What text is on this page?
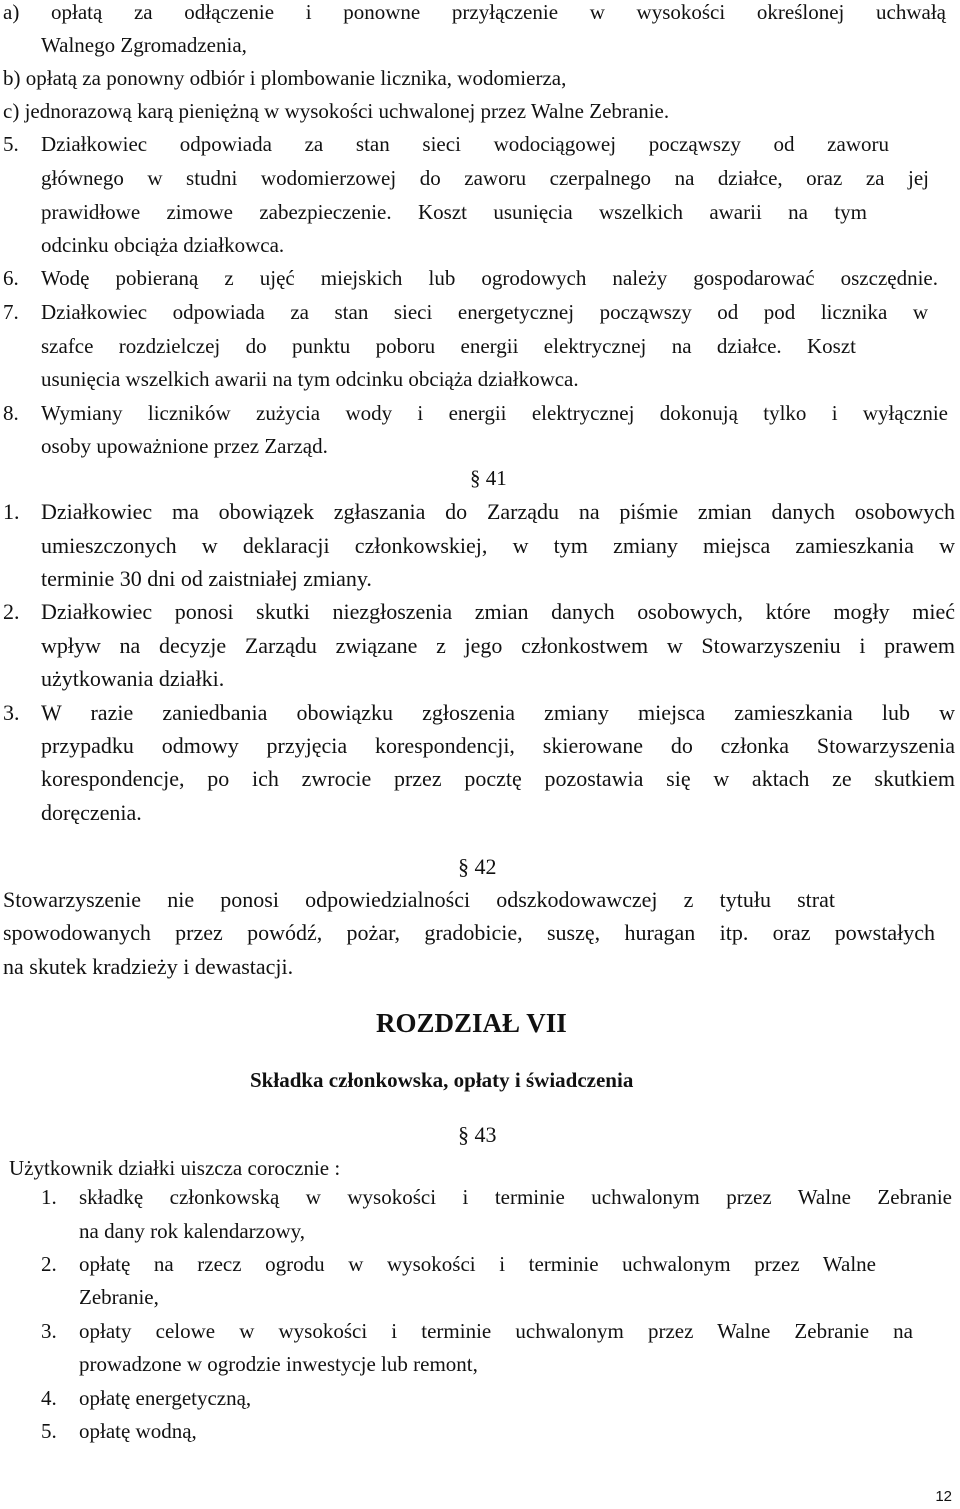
a) opłatą za odłączenie i ponowne przyłączenie w wysokości określonej uchwałą
Walnego Zgromadzenia,
b) opłatą za ponowny odbiór i plombowanie licznika, wodomierza,
c) jednorazową karą pieniężną w wysokości uchwalonej przez Walne Zebranie.
5. Działkowiec odpowiada za stan sieci wodociągowej począwszy od zaworu
głównego w studni wodomierzowej do zaworu czerpalnego na działce, oraz za jej
prawidłowe zimowe zabezpieczenie. Koszt usunięcia wszelkich awarii na tym
odcinku obciąża działkowca.
6. Wodę pobieraną z ujęć miejskich lub ogrodowych należy gospodarować oszczędnie.
7. Działkowiec odpowiada za stan sieci energetycznej począwszy od pod licznika w
szafce rozdzielczej do punktu poboru energii elektrycznej na działce. Koszt
usunięcia wszelkich awarii na tym odcinku obciąża działkowca.
8. Wymiany liczników zużycia wody i energii elektrycznej dokonują tylko i wyłącznie
osoby upoważnione przez Zarząd.
§ 41
1. Działkowiec ma obowiązek zgłaszania do Zarządu na piśmie zmian danych osobowych
umieszczonych w deklaracji członkowskiej, w tym zmiany miejsca zamieszkania w
terminie 30 dni od zaistniałej zmiany.
2. Działkowiec ponosi skutki niezgłoszenia zmian danych osobowych, które mogły mieć
wpływ na decyzje Zarządu związane z jego członkostwem w Stowarzyszeniu i prawem
użytkowania działki.
3. W razie zaniedbania obowiązku zgłoszenia zmiany miejsca zamieszkania lub w
przypadku odmowy przyjęcia korespondencji, skierowane do członka Stowarzyszenia
korespondencje, po ich zwrocie przez pocztę pozostawia się w aktach ze skutkiem
doręczenia.
§ 42
Stowarzyszenie nie ponosi odpowiedzialności odszkodowawczej z tytułu strat
spowodowanych przez powódź, pożar, gradobicie, suszę, huragan itp. oraz powstałych
na skutek kradzieży i dewastacji.
ROZDZIAŁ VII
Składka członkowska, opłaty i świadczenia
§ 43
Użytkownik działki uiszcza corocznie :
1. składkę członkowską w wysokości i terminie uchwalonym przez Walne Zebranie
na dany rok kalendarzowy,
2. opłatę na rzecz ogrodu w wysokości i terminie uchwalonym przez Walne
Zebranie,
3. opłaty celowe w wysokości i terminie uchwalonym przez Walne Zebranie na
prowadzone w ogrodzie inwestycje lub remont,
4. opłatę energetyczną,
5. opłatę wodną,
12
